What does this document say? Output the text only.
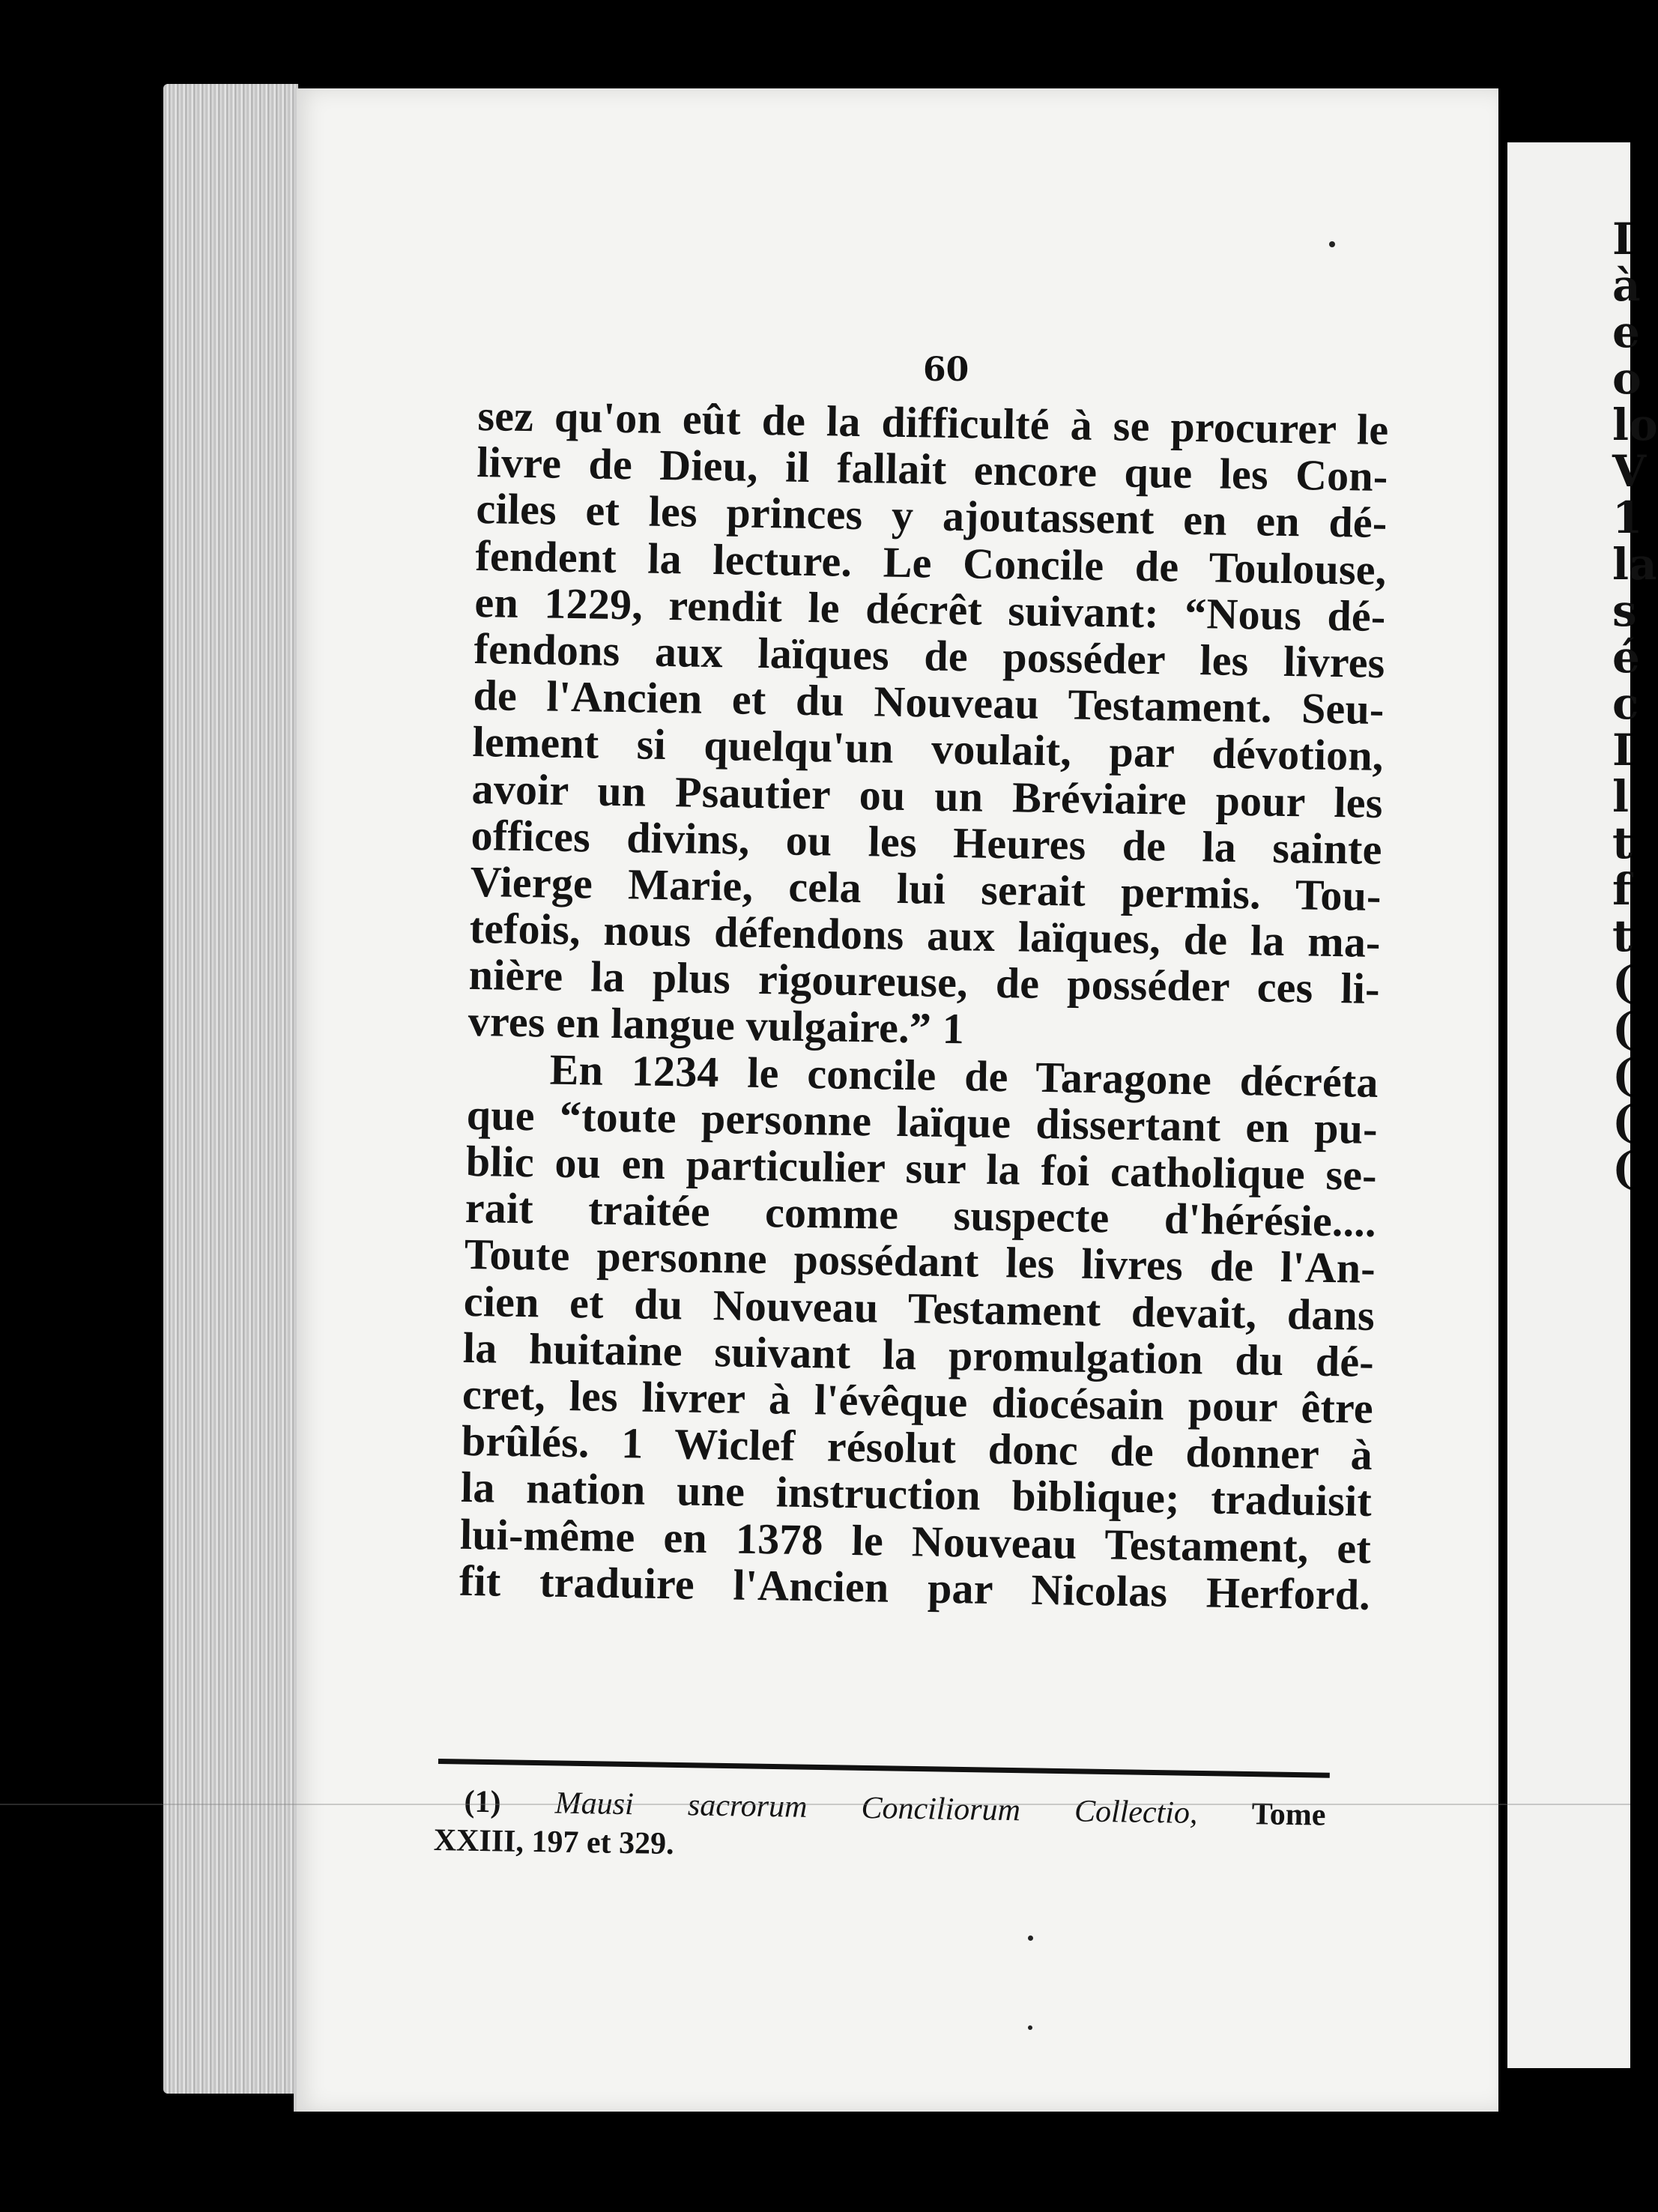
I
à
e
o
lo
V
1
la
s
é
c
I
l
t
f
t
(
(
(
(
(
60
sez qu'on eût de la difficulté à se procurer le
livre de Dieu, il fallait encore que les Con-
ciles et les princes y ajoutassent en en dé-
fendent la lecture. Le Concile de Toulouse,
en 1229, rendit le décrêt suivant: “Nous dé-
fendons aux laïques de posséder les livres
de l'Ancien et du Nouveau Testament. Seu-
lement si quelqu'un voulait, par dévotion,
avoir un Psautier ou un Bréviaire pour les
offices divins, ou les Heures de la sainte
Vierge Marie, cela lui serait permis. Tou-
tefois, nous défendons aux laïques, de la ma-
nière la plus rigoureuse, de posséder ces li-
vres en langue vulgaire.” 1
En 1234 le concile de Taragone décréta
que “toute personne laïque dissertant en pu-
blic ou en particulier sur la foi catholique se-
rait traitée comme suspecte d'hérésie....
Toute personne possédant les livres de l'An-
cien et du Nouveau Testament devait, dans
la huitaine suivant la promulgation du dé-
cret, les livrer à l'évêque diocésain pour être
brûlés. 1 Wiclef résolut donc de donner à
la nation une instruction biblique; traduisit
lui-même en 1378 le Nouveau Testament, et
fit traduire l'Ancien par Nicolas Herford.
(1) Mausi sacrorum Conciliorum Collectio, Tome
XXIII, 197 et 329.
